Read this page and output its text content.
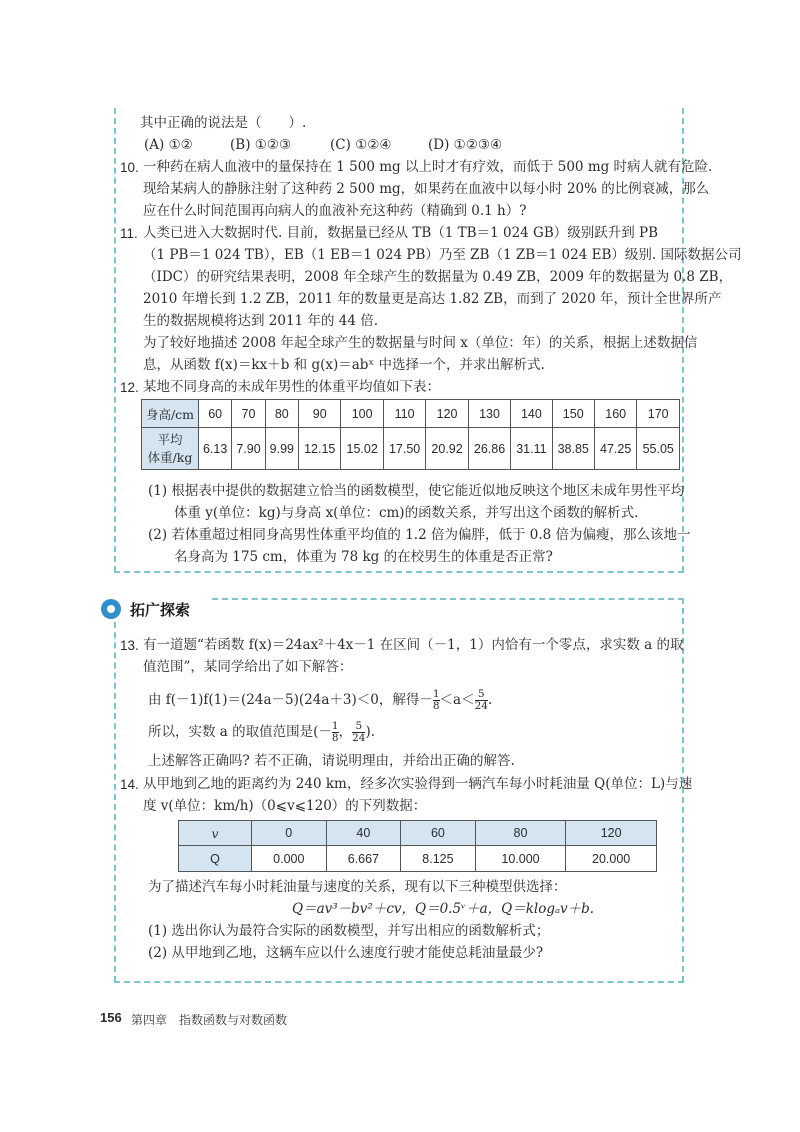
其中正确的说法是（　　）.
(A) ①②	(B) ①②③	(C) ①②④	(D) ①②③④
10. 一种药在病人血液中的量保持在 1 500 mg 以上时才有疗效，而低于 500 mg 时病人就有危险.
现给某病人的静脉注射了这种药 2 500 mg，如果药在血液中以每小时 20% 的比例衰减，那么
应在什么时间范围再向病人的血液补充这种药（精确到 0.1 h）?
11. 人类已进入大数据时代. 目前，数据量已经从 TB（1 TB＝1 024 GB）级别跃升到 PB
（1 PB＝1 024 TB），EB（1 EB＝1 024 PB）乃至 ZB（1 ZB＝1 024 EB）级别. 国际数据公司
（IDC）的研究结果表明，2008 年全球产生的数据量为 0.49 ZB，2009 年的数据量为 0.8 ZB，
2010 年增长到 1.2 ZB，2011 年的数量更是高达 1.82 ZB，而到了 2020 年，预计全世界所产
生的数据规模将达到 2011 年的 44 倍.
为了较好地描述 2008 年起全球产生的数据量与时间 x（单位：年）的关系，根据上述数据信
息，从函数 f(x)＝kx＋b 和 g(x)＝abˣ 中选择一个，并求出解析式.
12. 某地不同身高的未成年男性的体重平均值如下表：
身高/cm	60	70	80	90	100	110	120	130	140	150	160	170
平均
体重/kg	6.13	7.90	9.99	12.15	15.02	17.50	20.92	26.86	31.11	38.85	47.25	55.05
(1) 根据表中提供的数据建立恰当的函数模型，使它能近似地反映这个地区未成年男性平均
体重 y(单位：kg)与身高 x(单位：cm)的函数关系，并写出这个函数的解析式.
(2) 若体重超过相同身高男性体重平均值的 1.2 倍为偏胖，低于 0.8 倍为偏瘦，那么该地一
名身高为 175 cm，体重为 78 kg 的在校男生的体重是否正常?
拓广探索
13. 有一道题“若函数 f(x)＝24ax²＋4x－1 在区间（－1，1）内恰有一个零点，求实数 a 的取
值范围”，某同学给出了如下解答：
由 f(－1)f(1)＝(24a－5)(24a＋3)＜0，解得－ $\frac{1}{8} <a< \frac{5}{24}$ .
所以，实数 a 的取值范围是(－ $\frac{1}{8}$ ， $\frac{5}{24}$ ).
上述解答正确吗? 若不正确，请说明理由，并给出正确的解答.
14. 从甲地到乙地的距离约为 240 km，经多次实验得到一辆汽车每小时耗油量 Q(单位：L)与速
度 v(单位：km/h)（0⩽v⩽120）的下列数据：
v	0	40	60	80	120
Q	0.000	6.667	8.125	10.000	20.000
为了描述汽车每小时耗油量与速度的关系，现有以下三种模型供选择：
Q＝av³－bv²＋cv，Q＝0.5ᵛ＋a，Q＝klogₐv＋b.
(1) 选出你认为最符合实际的函数模型，并写出相应的函数解析式；
(2) 从甲地到乙地，这辆车应以什么速度行驶才能使总耗油量最少?
156 第四章　指数函数与对数函数
